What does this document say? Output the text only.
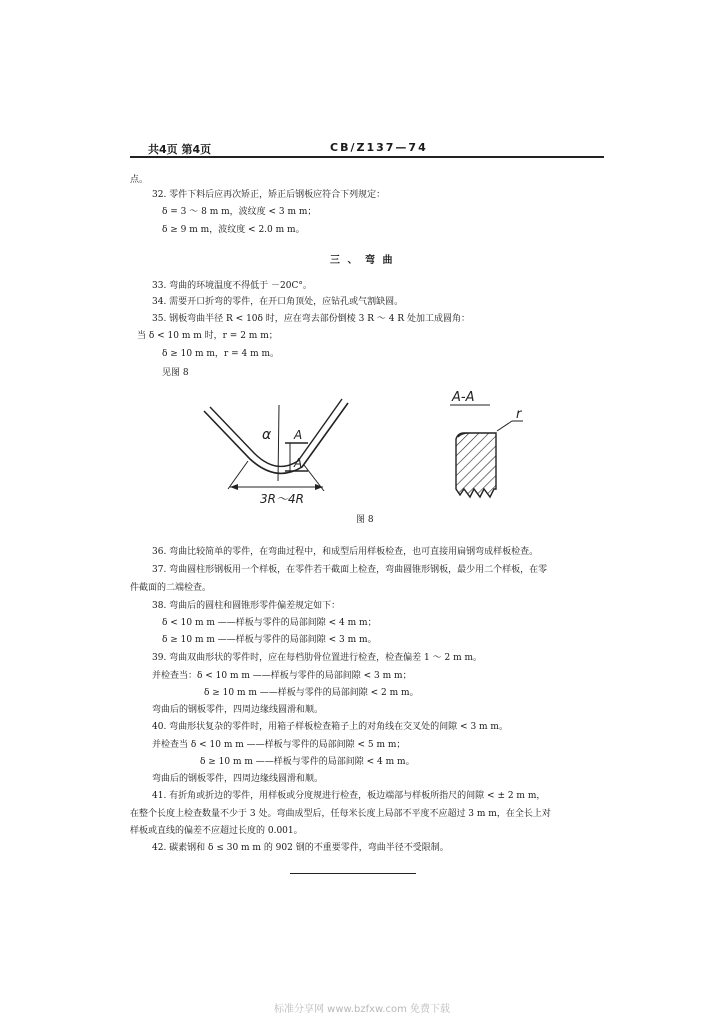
共4页 第4页	CB/Z137—74
点。
32. 零件下料后应再次矫正，矫正后钢板应符合下列规定：
δ = 3 ～ 8 m m，波纹度 < 3 m m；
δ ≥ 9 m m，波纹度 < 2.0 m m。
三 、 弯 曲
33. 弯曲的环境温度不得低于 －20C°。
34. 需要开口折弯的零件，在开口角顶处，应钻孔或气割缺圆。
35. 钢板弯曲半径 R < 10δ 时，应在弯去部份倒棱 3 R ～ 4 R 处加工成圆角：
当 δ < 10 m m 时，r = 2 m m；
δ ≥ 10 m m，r = 4 m m。
见图 8
α A
A
3R～4R
A-A
r
图 8
36. 弯曲比较简单的零件，在弯曲过程中，和成型后用样板检查，也可直接用扁钢弯成样板检查。
37. 弯曲圆柱形钢板用一个样板，在零件若干截面上检查，弯曲圆锥形钢板，最少用二个样板，在零
件截面的二端检查。
38. 弯曲后的圆柱和圆锥形零件偏差规定如下：
δ < 10 m m ——样板与零件的局部间隙 < 4 m m；
δ ≥ 10 m m ——样板与零件的局部间隙 < 3 m m。
39. 弯曲双曲形状的零件时，应在每档肋骨位置进行检查，检查偏差 1 ～ 2 m m。
并检查当：δ < 10 m m ——样板与零件的局部间隙 < 3 m m；
δ ≥ 10 m m ——样板与零件的局部间隙 < 2 m m。
弯曲后的钢板零件，四周边缘线圆滑和顺。
40. 弯曲形状复杂的零件时，用箱子样板检查箱子上的对角线在交叉处的间隙 < 3 m m。
并检查当 δ < 10 m m ——样板与零件的局部间隙 < 5 m m；
δ ≥ 10 m m ——样板与零件的局部间隙 < 4 m m。
弯曲后的钢板零件，四周边缘线圆滑和顺。
41. 有折角或折边的零件，用样板或分度规进行检查，板边端部与样板所指尺的间隙 < ± 2 m m，
在整个长度上检查数量不少于 3 处。弯曲成型后，任每米长度上局部不平度不应超过 3 m m，在全长上对
样板或直线的偏差不应超过长度的 0.001。
42. 碳素钢和 δ ≤ 30 m m 的 902 钢的不重要零件，弯曲半径不受限制。
标准分享网 www.bzfxw.com 免费下载
